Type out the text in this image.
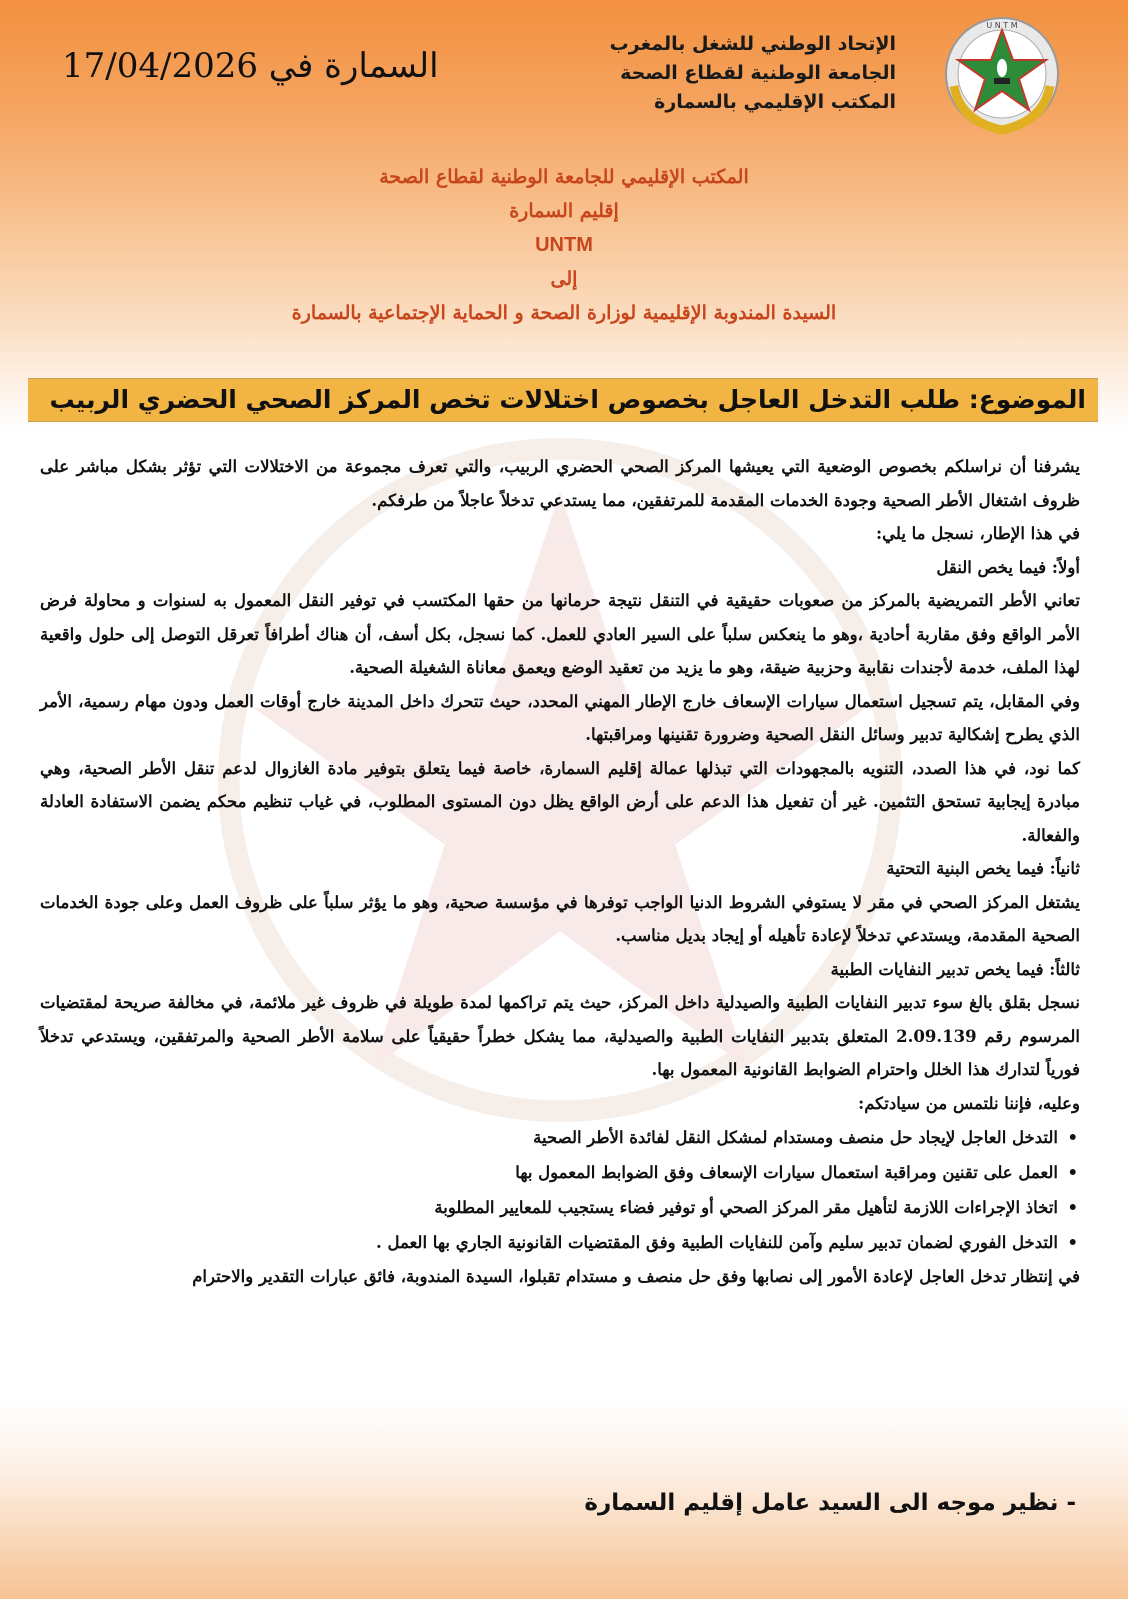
الإتحاد الوطني للشغل بالمغرب
الجامعة الوطنية لقطاع الصحة
المكتب الإقليمي بالسمارة
U N T M
السمارة في 17/04/2026
المكتب الإقليمي للجامعة الوطنية لقطاع الصحة
إقليم السمارة
UNTM
إلى
السيدة المندوبة الإقليمية لوزارة الصحة و الحماية الإجتماعية بالسمارة
الموضوع: طلب التدخل العاجل بخصوص اختلالات تخص المركز الصحي الحضري الربيب

يشرفنا أن نراسلكم بخصوص الوضعية التي يعيشها المركز الصحي الحضري الربيب، والتي تعرف مجموعة من الاختلالات التي تؤثر بشكل مباشر على ظروف اشتغال الأطر الصحية وجودة الخدمات المقدمة للمرتفقين، مما يستدعي تدخلاً عاجلاً من طرفكم.

في هذا الإطار، نسجل ما يلي:

أولاً: فيما يخص النقل

تعاني الأطر التمريضية بالمركز من صعوبات حقيقية في التنقل نتيجة حرمانها من حقها المكتسب في توفير النقل المعمول به لسنوات و محاولة فرض الأمر الواقع وفق مقاربة أحادية ،وهو ما ينعكس سلباً على السير العادي للعمل. كما نسجل، بكل أسف، أن هناك أطرافاً تعرقل التوصل إلى حلول واقعية لهذا الملف، خدمة لأجندات نقابية وحزبية ضيقة، وهو ما يزيد من تعقيد الوضع ويعمق معاناة الشغيلة الصحية.

وفي المقابل، يتم تسجيل استعمال سيارات الإسعاف خارج الإطار المهني المحدد، حيث تتحرك داخل المدينة خارج أوقات العمل ودون مهام رسمية، الأمر الذي يطرح إشكالية تدبير وسائل النقل الصحية وضرورة تقنينها ومراقبتها.

كما نود، في هذا الصدد، التنويه بالمجهودات التي تبذلها عمالة إقليم السمارة، خاصة فيما يتعلق بتوفير مادة الغازوال لدعم تنقل الأطر الصحية، وهي مبادرة إيجابية تستحق التثمين. غير أن تفعيل هذا الدعم على أرض الواقع يظل دون المستوى المطلوب، في غياب تنظيم محكم يضمن الاستفادة العادلة والفعالة.

ثانياً: فيما يخص البنية التحتية

يشتغل المركز الصحي في مقر لا يستوفي الشروط الدنيا الواجب توفرها في مؤسسة صحية، وهو ما يؤثر سلباً على ظروف العمل وعلى جودة الخدمات الصحية المقدمة، ويستدعي تدخلاً لإعادة تأهيله أو إيجاد بديل مناسب.

ثالثاً: فيما يخص تدبير النفايات الطبية

نسجل بقلق بالغ سوء تدبير النفايات الطبية والصيدلية داخل المركز، حيث يتم تراكمها لمدة طويلة في ظروف غير ملائمة، في مخالفة صريحة لمقتضيات المرسوم رقم 2.09.139 المتعلق بتدبير النفايات الطبية والصيدلية، مما يشكل خطراً حقيقياً على سلامة الأطر الصحية والمرتفقين، ويستدعي تدخلاً فورياً لتدارك هذا الخلل واحترام الضوابط القانونية المعمول بها.

وعليه، فإننا نلتمس من سيادتكم:

• التدخل العاجل لإيجاد حل منصف ومستدام لمشكل النقل لفائدة الأطر الصحية
• العمل على تقنين ومراقبة استعمال سيارات الإسعاف وفق الضوابط المعمول بها
• اتخاذ الإجراءات اللازمة لتأهيل مقر المركز الصحي أو توفير فضاء يستجيب للمعايير المطلوبة
• التدخل الفوري لضمان تدبير سليم وآمن للنفايات الطبية وفق المقتضيات القانونية الجاري بها العمل .

في إنتظار تدخل العاجل لإعادة الأمور إلى نصابها وفق حل منصف و مستدام تقبلوا، السيدة المندوبة، فائق عبارات التقدير والاحترام

- نظير موجه الى السيد عامل إقليم السمارة
